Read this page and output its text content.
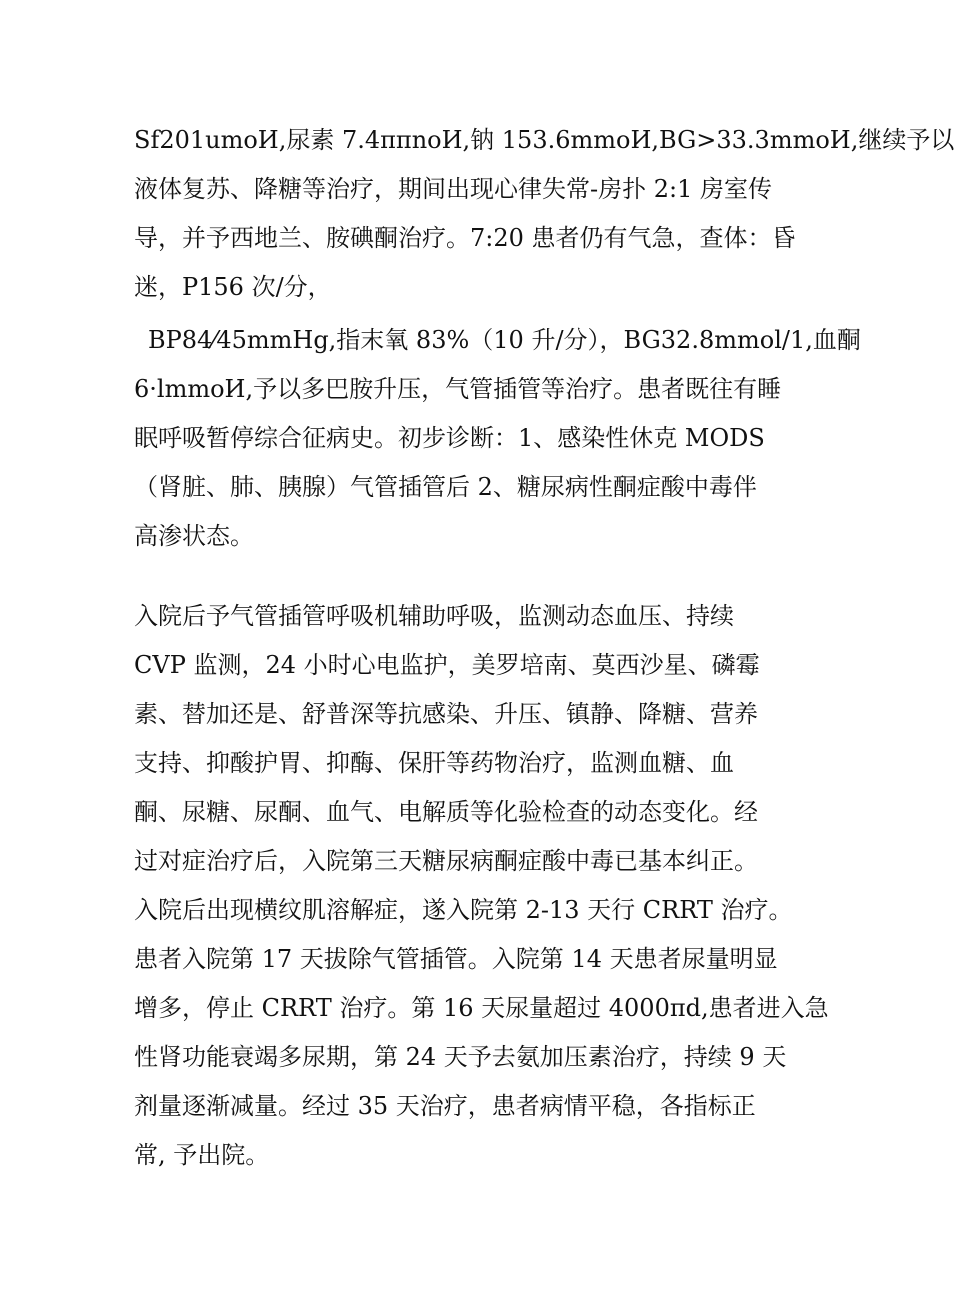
Sf201umoИ,尿素 7.4ππnoИ,钠 153.6mmoИ,BG>33.3mmoИ,继续予以
液体复苏、降糖等治疗，期间出现心律失常-房扑 2:1 房室传
导，并予西地兰、胺碘酮治疗。7:20 患者仍有气急，查体：昏
迷，P156 次/分，
BP84⁄45mmHg,指末氧 83%（10 升/分），BG32.8mmol/1,血酮
6·lmmoИ,予以多巴胺升压，气管插管等治疗。患者既往有睡
眠呼吸暂停综合征病史。初步诊断：1、感染性休克 MODS
（肾脏、肺、胰腺）气管插管后 2、糖尿病性酮症酸中毒伴
高渗状态。
入院后予气管插管呼吸机辅助呼吸，监测动态血压、持续
CVP 监测，24 小时心电监护，美罗培南、莫西沙星、磷霉
素、替加还是、舒普深等抗感染、升压、镇静、降糖、营养
支持、抑酸护胃、抑酶、保肝等药物治疗，监测血糖、血
酮、尿糖、尿酮、血气、电解质等化验检查的动态变化。经
过对症治疗后，入院第三天糖尿病酮症酸中毒已基本纠正。
入院后出现横纹肌溶解症，遂入院第 2-13 天行 CRRT 治疗。
患者入院第 17 天拔除气管插管。入院第 14 天患者尿量明显
增多，停止 CRRT 治疗。第 16 天尿量超过 4000πd,患者进入急
性肾功能衰竭多尿期，第 24 天予去氨加压素治疗，持续 9 天
剂量逐渐减量。经过 35 天治疗，患者病情平稳，各指标正
常, 予出院。
